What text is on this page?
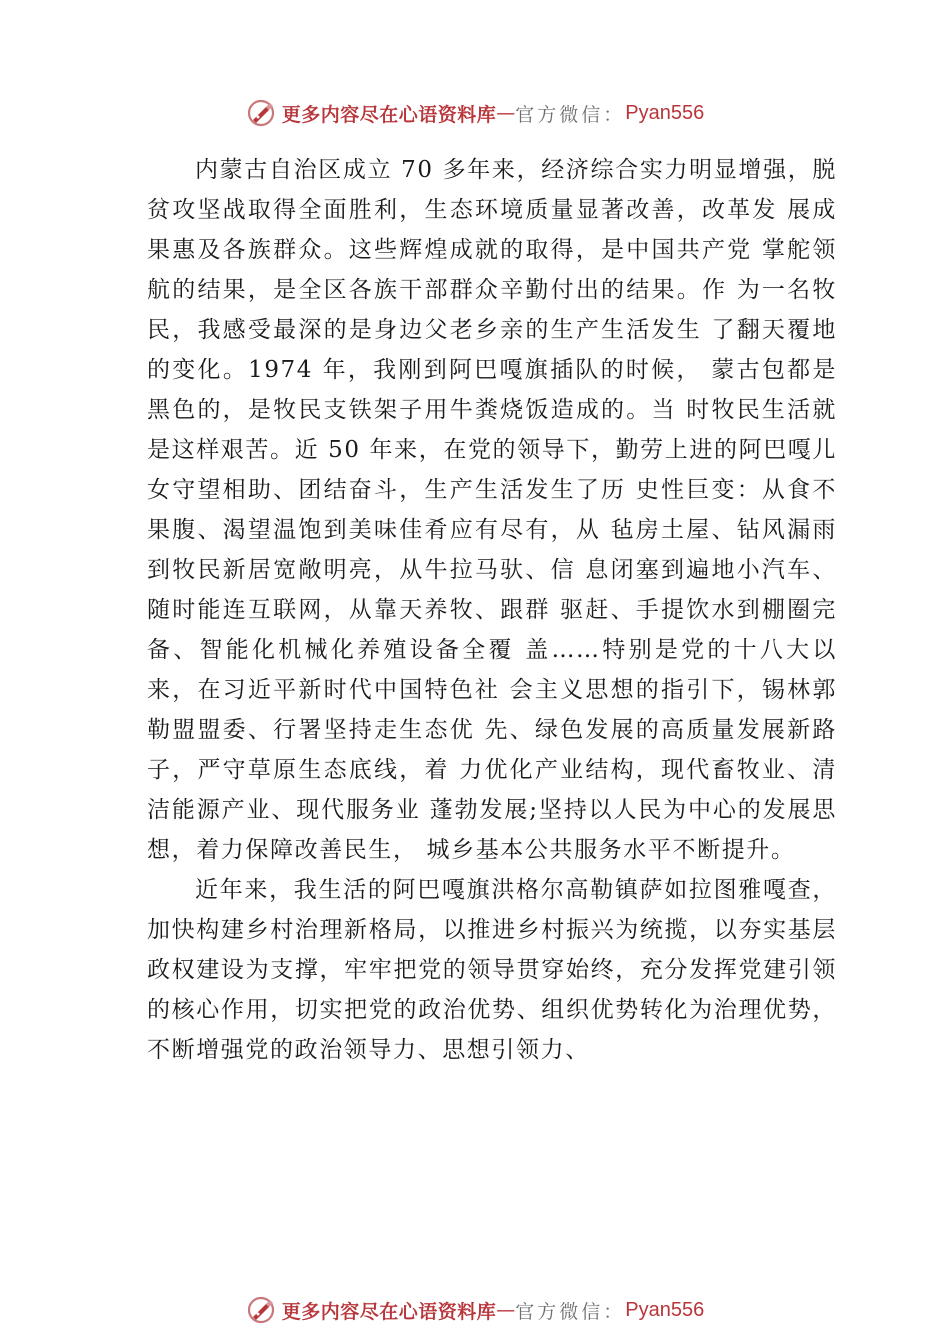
更多内容尽在心语资料库 — 官方微信： Pyan556

内蒙古自治区成立 70 多年来，经济综合实力明显增强，脱贫攻坚战取得全面胜利，生态环境质量显著改善，改革发 展成果惠及各族群众。这些辉煌成就的取得，是中国共产党 掌舵领航的结果，是全区各族干部群众辛勤付出的结果。作 为一名牧民，我感受最深的是身边父老乡亲的生产生活发生 了翻天覆地的变化。1974 年，我刚到阿巴嘎旗插队的时候， 蒙古包都是黑色的，是牧民支铁架子用牛粪烧饭造成的。当 时牧民生活就是这样艰苦。近 50 年来，在党的领导下，勤劳上进的阿巴嘎儿女守望相助、团结奋斗，生产生活发生了历 史性巨变：从食不果腹、渴望温饱到美味佳肴应有尽有，从 毡房土屋、钻风漏雨到牧民新居宽敞明亮，从牛拉马驮、信 息闭塞到遍地小汽车、随时能连互联网，从靠天养牧、跟群 驱赶、手提饮水到棚圈完备、智能化机械化养殖设备全覆 盖……特别是党的十八大以来，在习近平新时代中国特色社 会主义思想的指引下，锡林郭勒盟盟委、行署坚持走生态优 先、绿色发展的高质量发展新路子，严守草原生态底线，着 力优化产业结构，现代畜牧业、清洁能源产业、现代服务业 蓬勃发展;坚持以人民为中心的发展思想，着力保障改善民生， 城乡基本公共服务水平不断提升。

近年来，我生活的阿巴嘎旗洪格尔高勒镇萨如拉图雅嘎查，加快构建乡村治理新格局，以推进乡村振兴为统揽，以夯实基层政权建设为支撑，牢牢把党的领导贯穿始终，充分发挥党建引领的核心作用，切实把党的政治优势、组织优势转化为治理优势，不断增强党的政治领导力、思想引领力、

更多内容尽在心语资料库 — 官方微信： Pyan556
